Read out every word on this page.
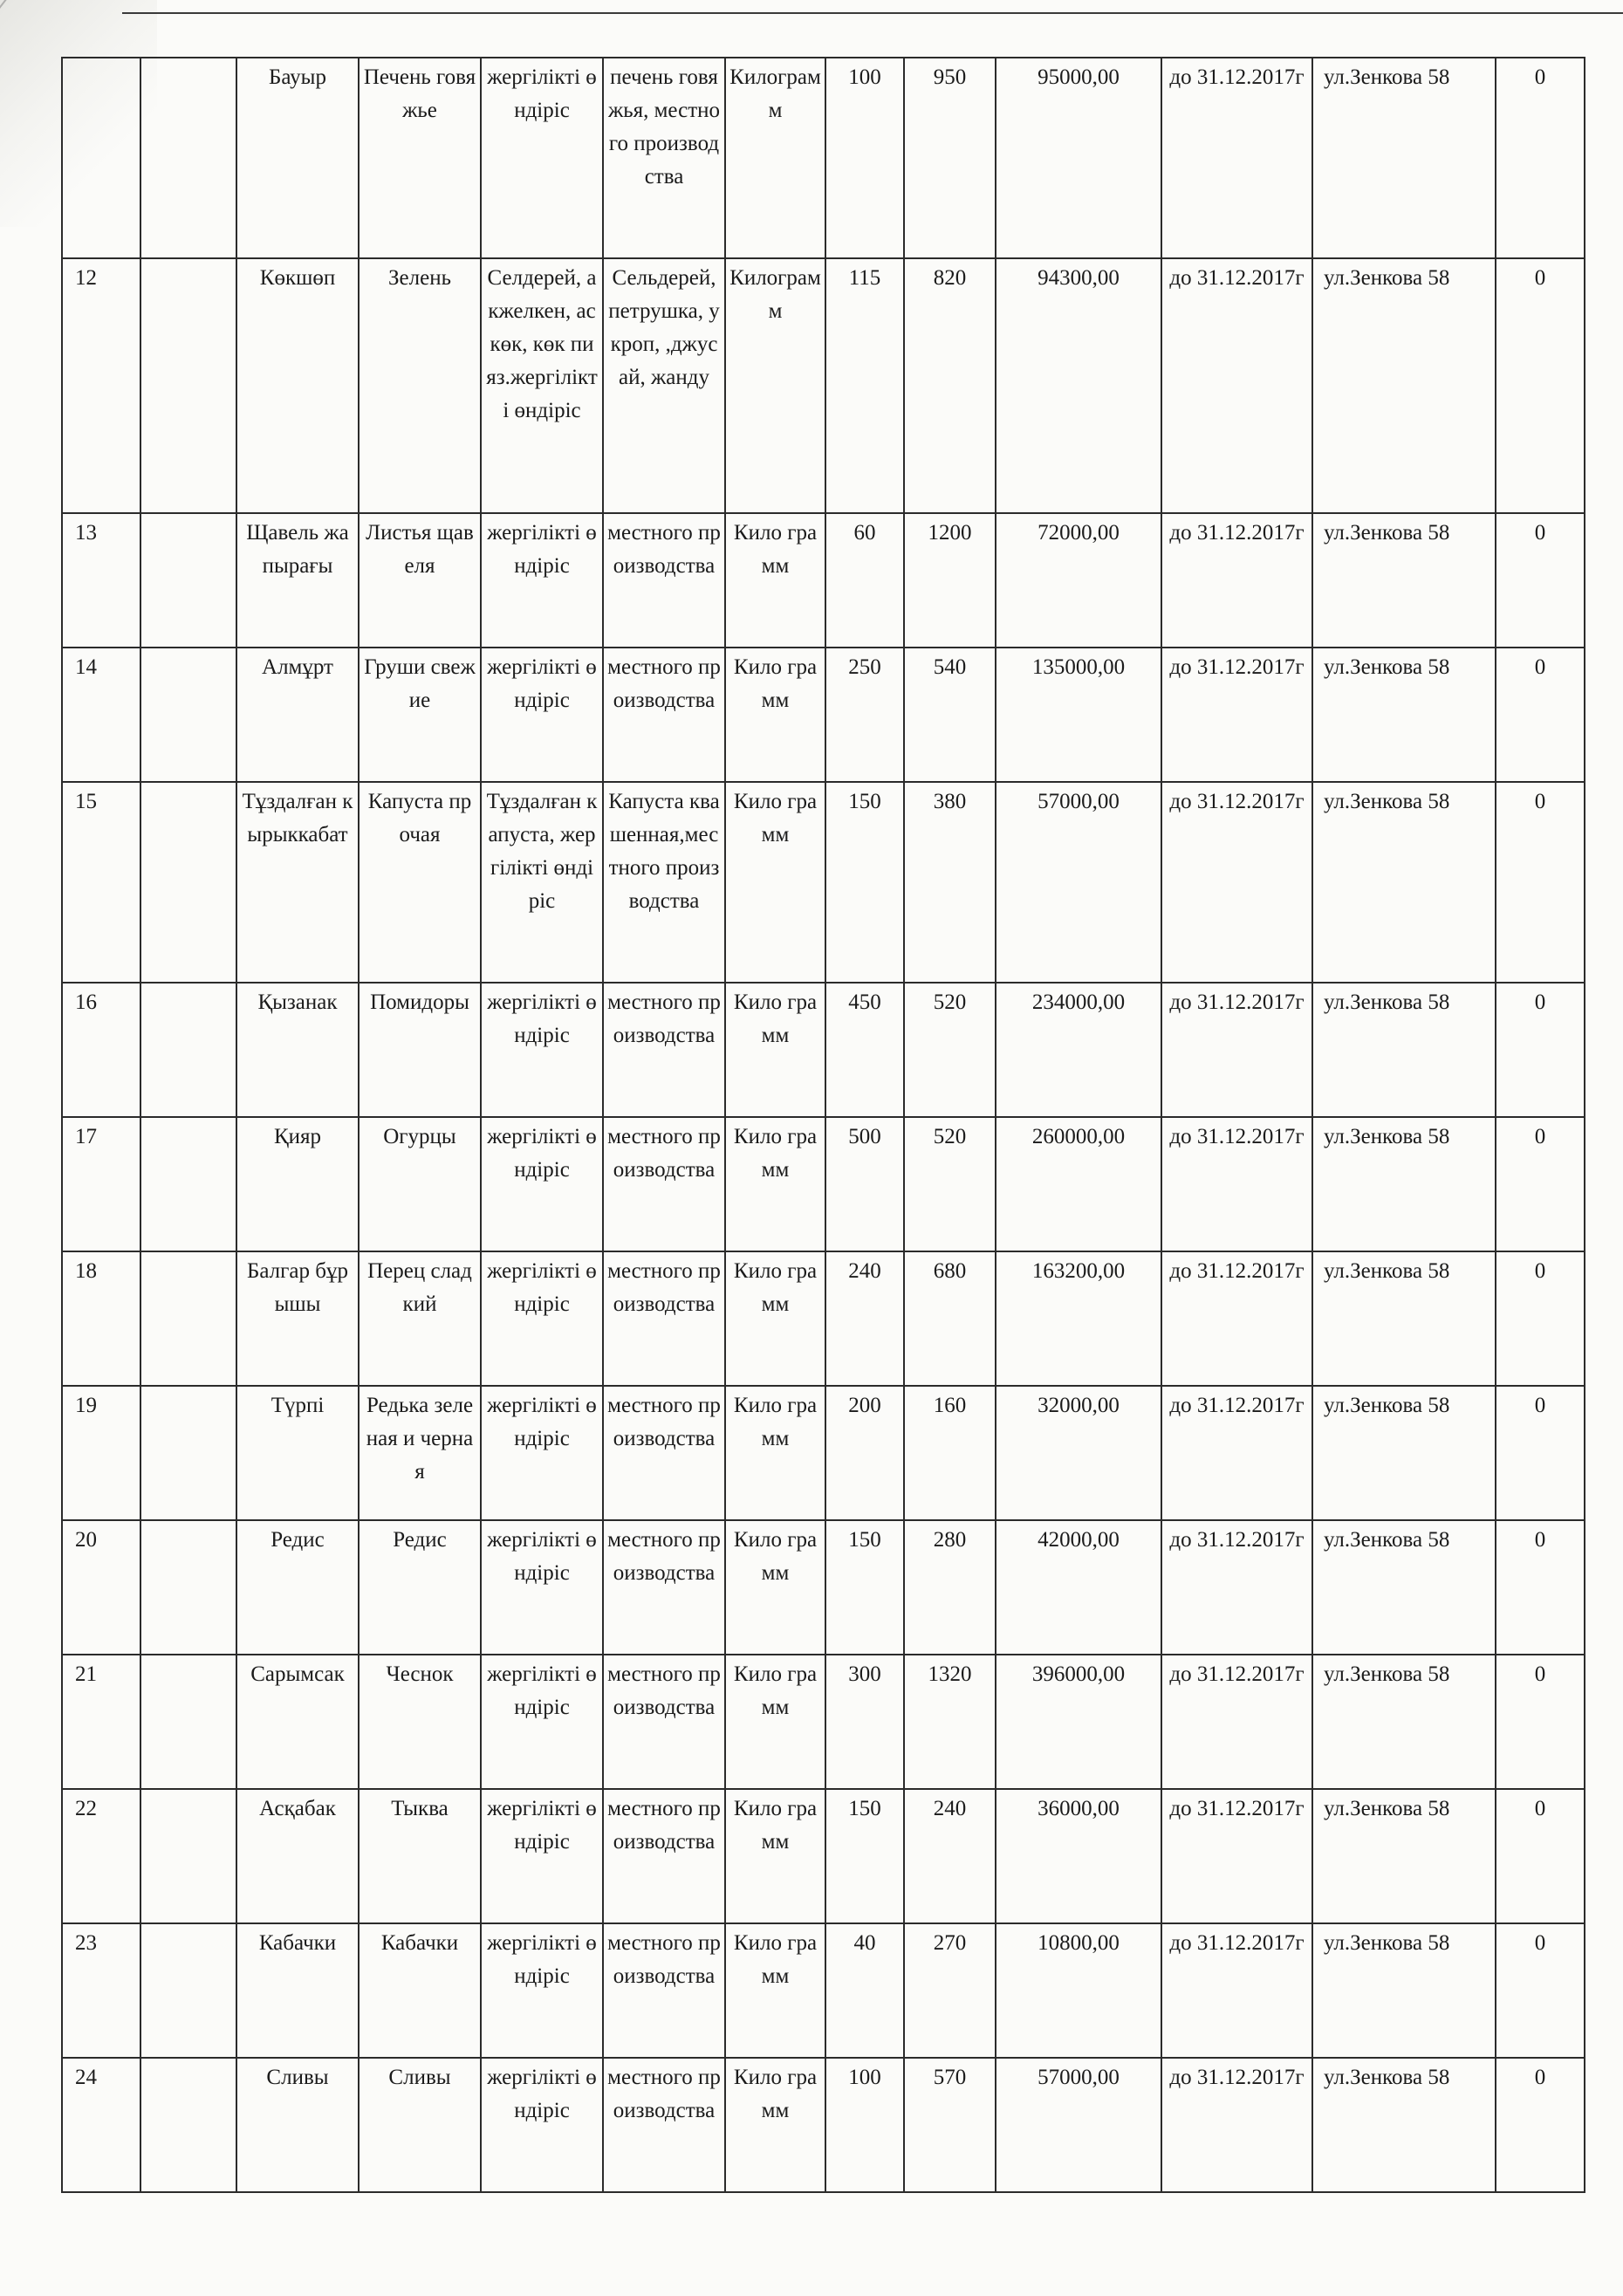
		Бауыр	Печень говяжье	жергілікті өндіріс	печень говяжья, местного производства	Килограмм	100	950	95000,00	до 31.12.2017г	ул.Зенкова 58	0
12		Көкшөп	Зелень	Селдерей, акжелкен, аскөк, көк пияз.жергілікті өндіріс	Сельдерей, петрушка, укроп, ,джусай, жанду	Килограмм	115	820	94300,00	до 31.12.2017г	ул.Зенкова 58	0
13		Щавель жапырағы	Листья щавеля	жергілікті өндіріс	местного производства	Кило грамм	60	1200	72000,00	до 31.12.2017г	ул.Зенкова 58	0
14		Алмұрт	Груши свежие	жергілікті өндіріс	местного производства	Кило грамм	250	540	135000,00	до 31.12.2017г	ул.Зенкова 58	0
15		Тұздалған кырыккабат	Капуста прочая	Тұздалған капуста, жергілікті өндіріс	Капуста квашенная,местного производства	Кило грамм	150	380	57000,00	до 31.12.2017г	ул.Зенкова 58	0
16		Қызанак	Помидоры	жергілікті өндіріс	местного производства	Кило грамм	450	520	234000,00	до 31.12.2017г	ул.Зенкова 58	0
17		Қияр	Огурцы	жергілікті өндіріс	местного производства	Кило грамм	500	520	260000,00	до 31.12.2017г	ул.Зенкова 58	0
18		Балгар бұрышы	Перец сладкий	жергілікті өндіріс	местного производства	Кило грамм	240	680	163200,00	до 31.12.2017г	ул.Зенкова 58	0
19		Түрпі	Редька зеленая и черная	жергілікті өндіріс	местного производства	Кило грамм	200	160	32000,00	до 31.12.2017г	ул.Зенкова 58	0
20		Редис	Редис	жергілікті өндіріс	местного производства	Кило грамм	150	280	42000,00	до 31.12.2017г	ул.Зенкова 58	0
21		Сарымсак	Чеснок	жергілікті өндіріс	местного производства	Кило грамм	300	1320	396000,00	до 31.12.2017г	ул.Зенкова 58	0
22		Асқабак	Тыква	жергілікті өндіріс	местного производства	Кило грамм	150	240	36000,00	до 31.12.2017г	ул.Зенкова 58	0
23		Кабачки	Кабачки	жергілікті өндіріс	местного производства	Кило грамм	40	270	10800,00	до 31.12.2017г	ул.Зенкова 58	0
24		Сливы	Сливы	жергілікті өндіріс	местного производства	Кило грамм	100	570	57000,00	до 31.12.2017г	ул.Зенкова 58	0
